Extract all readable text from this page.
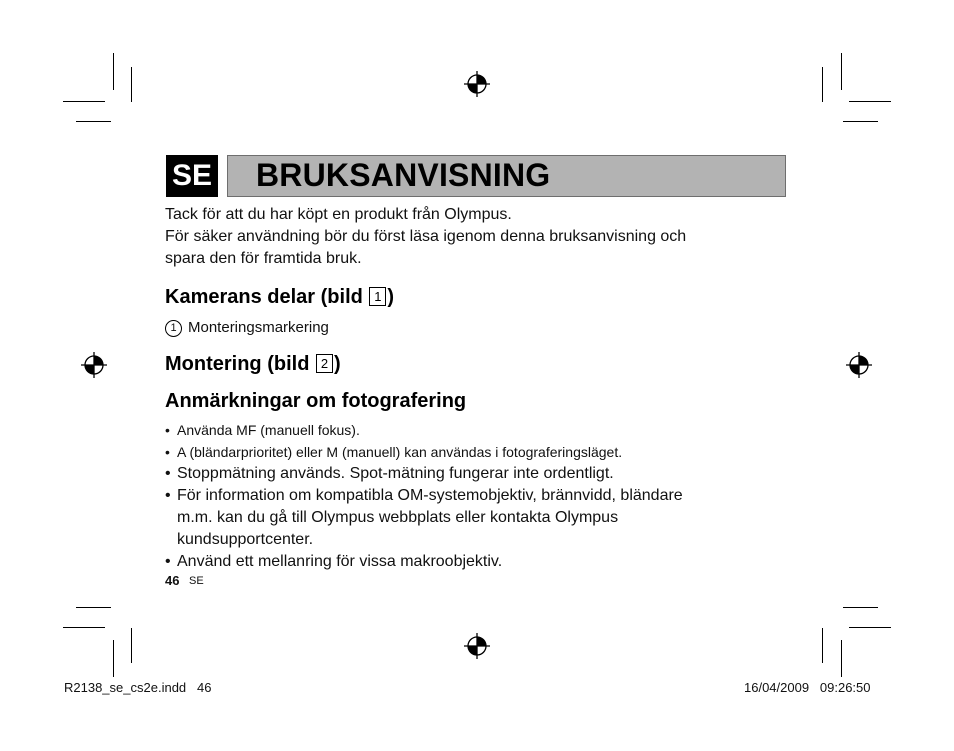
SE BRUKSANVISNING
Tack för att du har köpt en produkt från Olympus.
För säker användning bör du först läsa igenom denna bruksanvisning och
spara den för framtida bruk.
Kamerans delar (bild 1 )
1 Monteringsmarkering
Montering (bild 2 )
Anmärkningar om fotografering
• Använda MF (manuell fokus).
• A (bländarprioritet) eller M (manuell) kan användas i fotograferingsläget.
• Stoppmätning används. Spot-mätning fungerar inte ordentligt.
• För information om kompatibla OM-systemobjektiv, brännvidd, bländare
m.m. kan du gå till Olympus webbplats eller kontakta Olympus
kundsupportcenter.
• Använd ett mellanring för vissa makroobjektiv.
46 SE
R2138_se_cs2e.indd   46	16/04/2009   09:26:50
